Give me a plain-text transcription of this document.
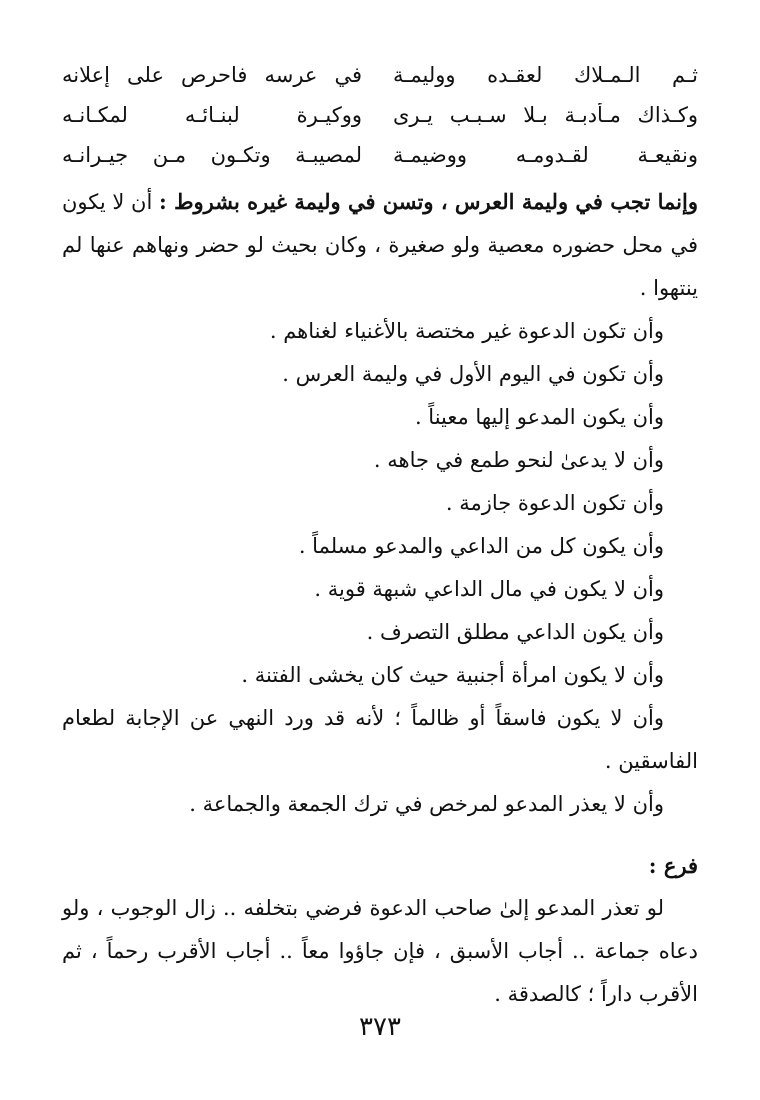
ثـم الـمـلاك لعقـده ووليمـة
في عرسه فاحرص على إعلانه
وكـذاك مـأدبـة بـلا سـبـب يـرى
ووكيـرة لبنـائـه لمكـانـه
ونقيعـة لقـدومـه ووضيمـة
لمصيبـة وتكـون مـن جيـرانـه

وإنما تجب في وليمة العرس ، وتسن في وليمة غيره بشروط : أن لا يكون في محل حضوره معصية ولو صغيرة ، وكان بحيث لو حضر ونهاهم عنها لم ينتهوا .

وأن تكون الدعوة غير مختصة بالأغنياء لغناهم .

وأن تكون في اليوم الأول في وليمة العرس .

وأن يكون المدعو إليها معيناً .

وأن لا يدعىٰ لنحو طمع في جاهه .

وأن تكون الدعوة جازمة .

وأن يكون كل من الداعي والمدعو مسلماً .

وأن لا يكون في مال الداعي شبهة قوية .

وأن يكون الداعي مطلق التصرف .

وأن لا يكون امرأة أجنبية حيث كان يخشى الفتنة .

وأن لا يكون فاسقاً أو ظالماً ؛ لأنه قد ورد النهي عن الإجابة لطعام الفاسقين .

وأن لا يعذر المدعو لمرخص في ترك الجمعة والجماعة .

فرع :

لو تعذر المدعو إلىٰ صاحب الدعوة فرضي بتخلفه .. زال الوجوب ، ولو دعاه جماعة .. أجاب الأسبق ، فإن جاؤوا معاً .. أجاب الأقرب رحماً ، ثم الأقرب داراً ؛ كالصدقة .

٣٧٣
